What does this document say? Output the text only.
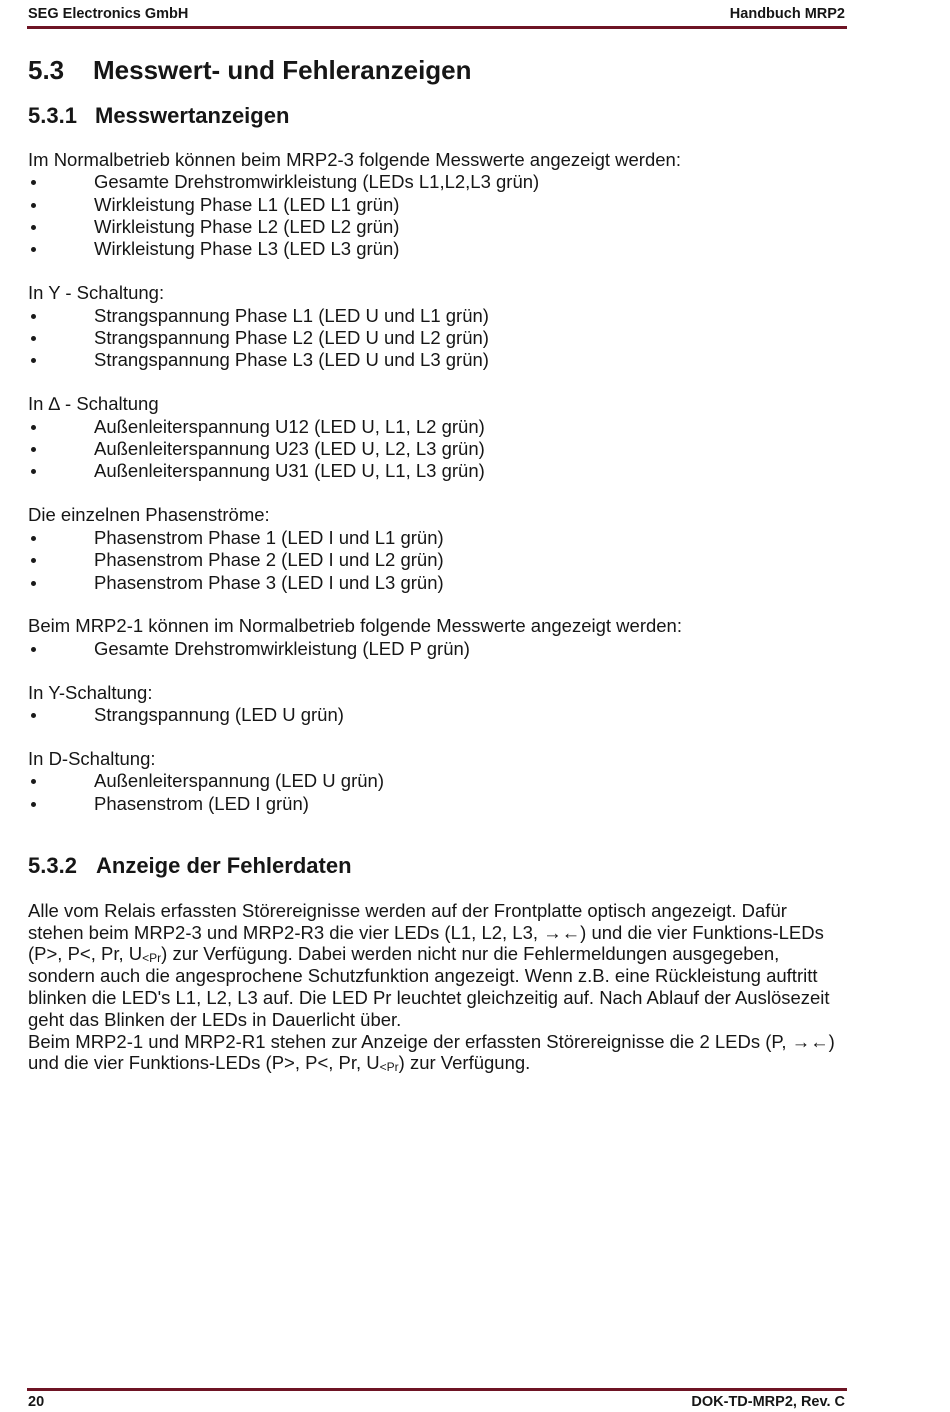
SEG Electronics GmbH	Handbuch MRP2
5.3	Messwert- und Fehleranzeigen
5.3.1 Messwertanzeigen
Im Normalbetrieb können beim MRP2-3 folgende Messwerte angezeigt werden:
Gesamte Drehstromwirkleistung (LEDs L1,L2,L3 grün)
Wirkleistung Phase L1 (LED L1 grün)
Wirkleistung Phase L2 (LED L2 grün)
Wirkleistung Phase L3 (LED L3 grün)
In Y - Schaltung:
Strangspannung Phase L1 (LED U und L1 grün)
Strangspannung Phase L2 (LED U und L2 grün)
Strangspannung Phase L3 (LED U und L3 grün)
In ∆ - Schaltung
Außenleiterspannung U12 (LED U, L1, L2 grün)
Außenleiterspannung U23 (LED U, L2, L3 grün)
Außenleiterspannung U31 (LED U, L1, L3 grün)
Die einzelnen Phasenströme:
Phasenstrom Phase 1 (LED I und L1 grün)
Phasenstrom Phase 2 (LED I und L2 grün)
Phasenstrom Phase 3 (LED I und L3 grün)
Beim MRP2-1 können im Normalbetrieb folgende Messwerte angezeigt werden:
Gesamte Drehstromwirkleistung (LED P grün)
In Y-Schaltung:
Strangspannung (LED U grün)
In D-Schaltung:
Außenleiterspannung (LED U grün)
Phasenstrom (LED I grün)
5.3.2 Anzeige der Fehlerdaten
Alle vom Relais erfassten Störereignisse werden auf der Frontplatte optisch angezeigt. Dafür
stehen beim MRP2-3 und MRP2-R3 die vier LEDs (L1, L2, L3, →←) und die vier Funktions-LEDs
(P>, P<, Pr, U<Pr) zur Verfügung. Dabei werden nicht nur die Fehlermeldungen ausgegeben,
sondern auch die angesprochene Schutzfunktion angezeigt. Wenn z.B. eine Rückleistung auftritt
blinken die LED's L1, L2, L3 auf. Die LED Pr leuchtet gleichzeitig auf. Nach Ablauf der Auslösezeit
geht das Blinken der LEDs in Dauerlicht über.
Beim MRP2-1 und MRP2-R1 stehen zur Anzeige der erfassten Störereignisse die 2 LEDs (P, →←)
und die vier Funktions-LEDs (P>, P<, Pr, U<Pr) zur Verfügung.
20	DOK-TD-MRP2, Rev. C
